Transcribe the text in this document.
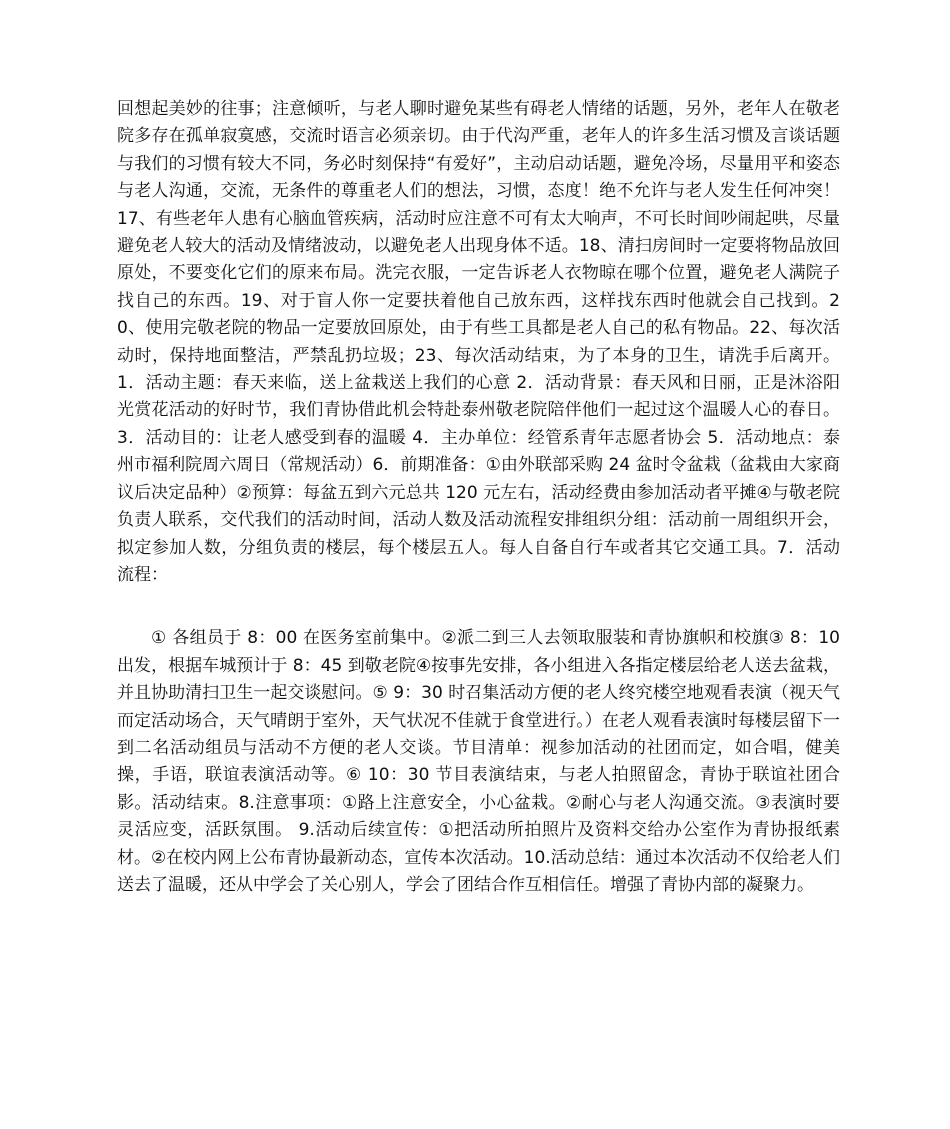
回想起美妙的往事；注意倾听，与老人聊时避免某些有碍老人情绪的话题，另外，老年人在敬老院多存在孤单寂寞感，交流时语言必须亲切。由于代沟严重，老年人的许多生活习惯及言谈话题与我们的习惯有较大不同，务必时刻保持“有爱好”，主动启动话题，避免冷场，尽量用平和姿态与老人沟通，交流，无条件的尊重老人们的想法，习惯，态度！绝不允许与老人发生任何冲突！17、有些老年人患有心脑血管疾病，活动时应注意不可有太大响声，不可长时间吵闹起哄，尽量避免老人较大的活动及情绪波动，以避免老人出现身体不适。18、清扫房间时一定要将物品放回原处，不要变化它们的原来布局。洗完衣服，一定告诉老人衣物晾在哪个位置，避免老人满院子找自己的东西。19、对于盲人你一定要扶着他自己放东西，这样找东西时他就会自己找到。20、使用完敬老院的物品一定要放回原处，由于有些工具都是老人自己的私有物品。22、每次活动时，保持地面整洁，严禁乱扔垃圾；23、每次活动结束，为了本身的卫生，请洗手后离开。1．活动主题：春天来临，送上盆栽送上我们的心意 2．活动背景：春天风和日丽，正是沐浴阳光赏花活动的好时节，我们青协借此机会特赴泰州敬老院陪伴他们一起过这个温暖人心的春日。3．活动目的：让老人感受到春的温暖 4．主办单位：经管系青年志愿者协会 5．活动地点：泰州市福利院周六周日（常规活动）6．前期准备：①由外联部采购 24 盆时令盆栽（盆栽由大家商议后决定品种）②预算：每盆五到六元总共 120 元左右，活动经费由参加活动者平摊④与敬老院负责人联系，交代我们的活动时间，活动人数及活动流程安排组织分组：活动前一周组织开会，拟定参加人数，分组负责的楼层，每个楼层五人。每人自备自行车或者其它交通工具。7．活动流程：

① 各组员于 8：00 在医务室前集中。②派二到三人去领取服装和青协旗帜和校旗③ 8：10 出发，根据车城预计于 8：45 到敬老院④按事先安排，各小组进入各指定楼层给老人送去盆栽，并且协助清扫卫生一起交谈慰问。⑤ 9：30 时召集活动方便的老人终究楼空地观看表演（视天气而定活动场合，天气晴朗于室外，天气状况不佳就于食堂进行。）在老人观看表演时每楼层留下一到二名活动组员与活动不方便的老人交谈。节目清单：视参加活动的社团而定，如合唱，健美操，手语，联谊表演活动等。⑥ 10：30 节目表演结束，与老人拍照留念，青协于联谊社团合影。活动结束。8.注意事项：①路上注意安全，小心盆栽。②耐心与老人沟通交流。③表演时要灵活应变，活跃氛围。 9.活动后续宣传：①把活动所拍照片及资料交给办公室作为青协报纸素材。②在校内网上公布青协最新动态，宣传本次活动。10.活动总结：通过本次活动不仅给老人们送去了温暖，还从中学会了关心别人，学会了团结合作互相信任。增强了青协内部的凝聚力。
